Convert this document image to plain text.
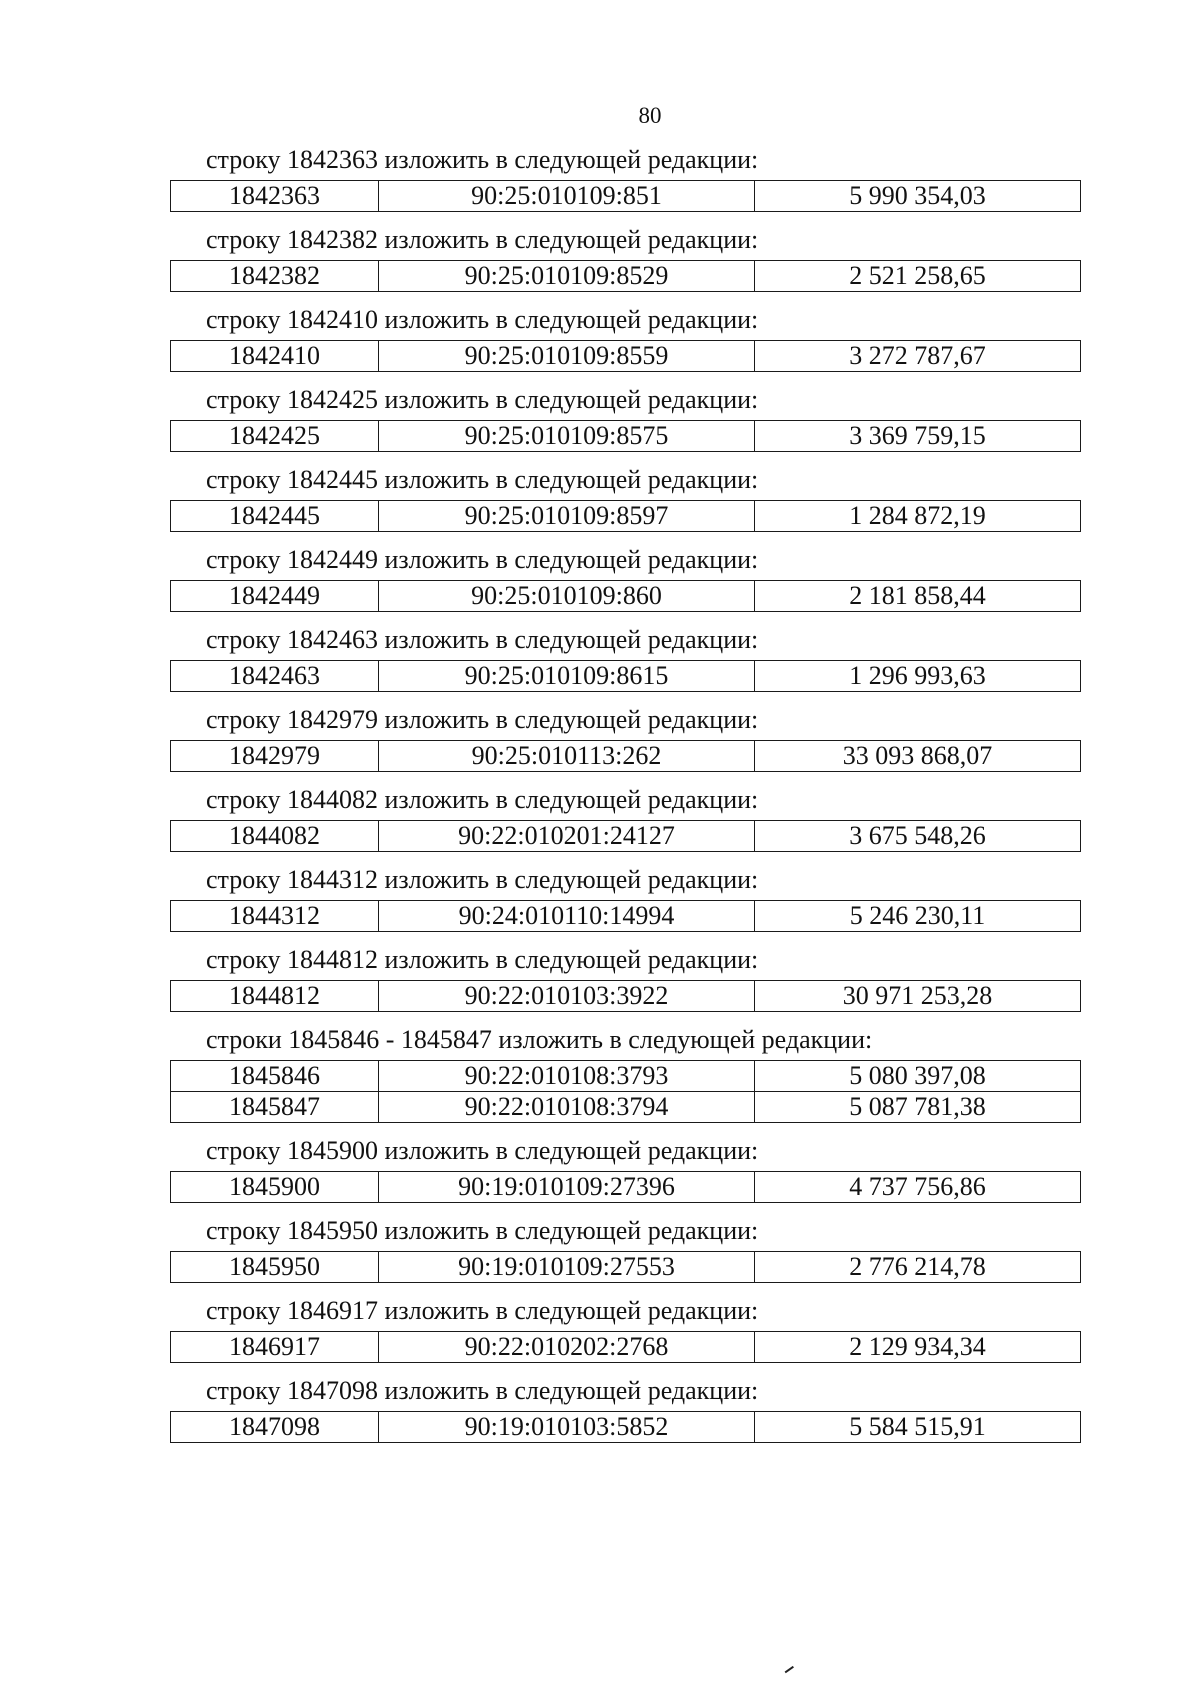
80
строку 1842363 изложить в следующей редакции:
1842363	90:25:010109:851	5 990 354,03
строку 1842382 изложить в следующей редакции:
1842382	90:25:010109:8529	2 521 258,65
строку 1842410 изложить в следующей редакции:
1842410	90:25:010109:8559	3 272 787,67
строку 1842425 изложить в следующей редакции:
1842425	90:25:010109:8575	3 369 759,15
строку 1842445 изложить в следующей редакции:
1842445	90:25:010109:8597	1 284 872,19
строку 1842449 изложить в следующей редакции:
1842449	90:25:010109:860	2 181 858,44
строку 1842463 изложить в следующей редакции:
1842463	90:25:010109:8615	1 296 993,63
строку 1842979 изложить в следующей редакции:
1842979	90:25:010113:262	33 093 868,07
строку 1844082 изложить в следующей редакции:
1844082	90:22:010201:24127	3 675 548,26
строку 1844312 изложить в следующей редакции:
1844312	90:24:010110:14994	5 246 230,11
строку 1844812 изложить в следующей редакции:
1844812	90:22:010103:3922	30 971 253,28
строки 1845846 - 1845847 изложить в следующей редакции:
1845846	90:22:010108:3793	5 080 397,08
1845847	90:22:010108:3794	5 087 781,38
строку 1845900 изложить в следующей редакции:
1845900	90:19:010109:27396	4 737 756,86
строку 1845950 изложить в следующей редакции:
1845950	90:19:010109:27553	2 776 214,78
строку 1846917 изложить в следующей редакции:
1846917	90:22:010202:2768	2 129 934,34
строку 1847098 изложить в следующей редакции:
1847098	90:19:010103:5852	5 584 515,91
